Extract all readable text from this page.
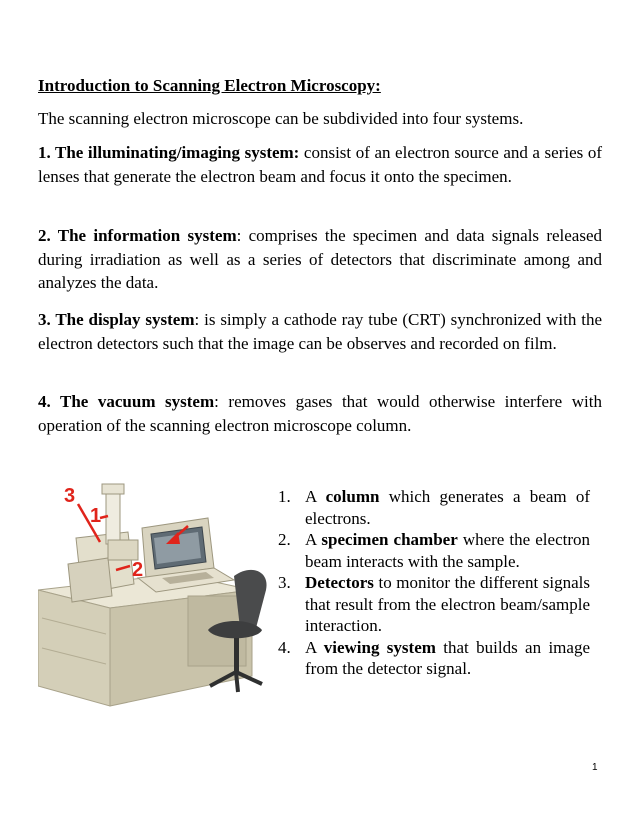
Introduction to Scanning Electron Microscopy:
The scanning electron microscope can be subdivided into four systems.
1. The illuminating/imaging system: consist of an electron source and a series of lenses that generate the electron beam and focus it onto the specimen.
2. The information system: comprises the specimen and data signals released during irradiation as well as a series of detectors that discriminate among and analyzes the data.
3. The display system: is simply a cathode ray tube (CRT) synchronized with the electron detectors such that the image can be observes and recorded on film.
4. The vacuum system: removes gases that would otherwise interfere with operation of the scanning electron microscope column.
3
1
2
1. A column which generates a beam of electrons.
2. A specimen chamber where the electron beam interacts with the sample.
3. Detectors to monitor the different signals that result from the electron beam/sample interaction.
4. A viewing system that builds an image from the detector signal.
1
